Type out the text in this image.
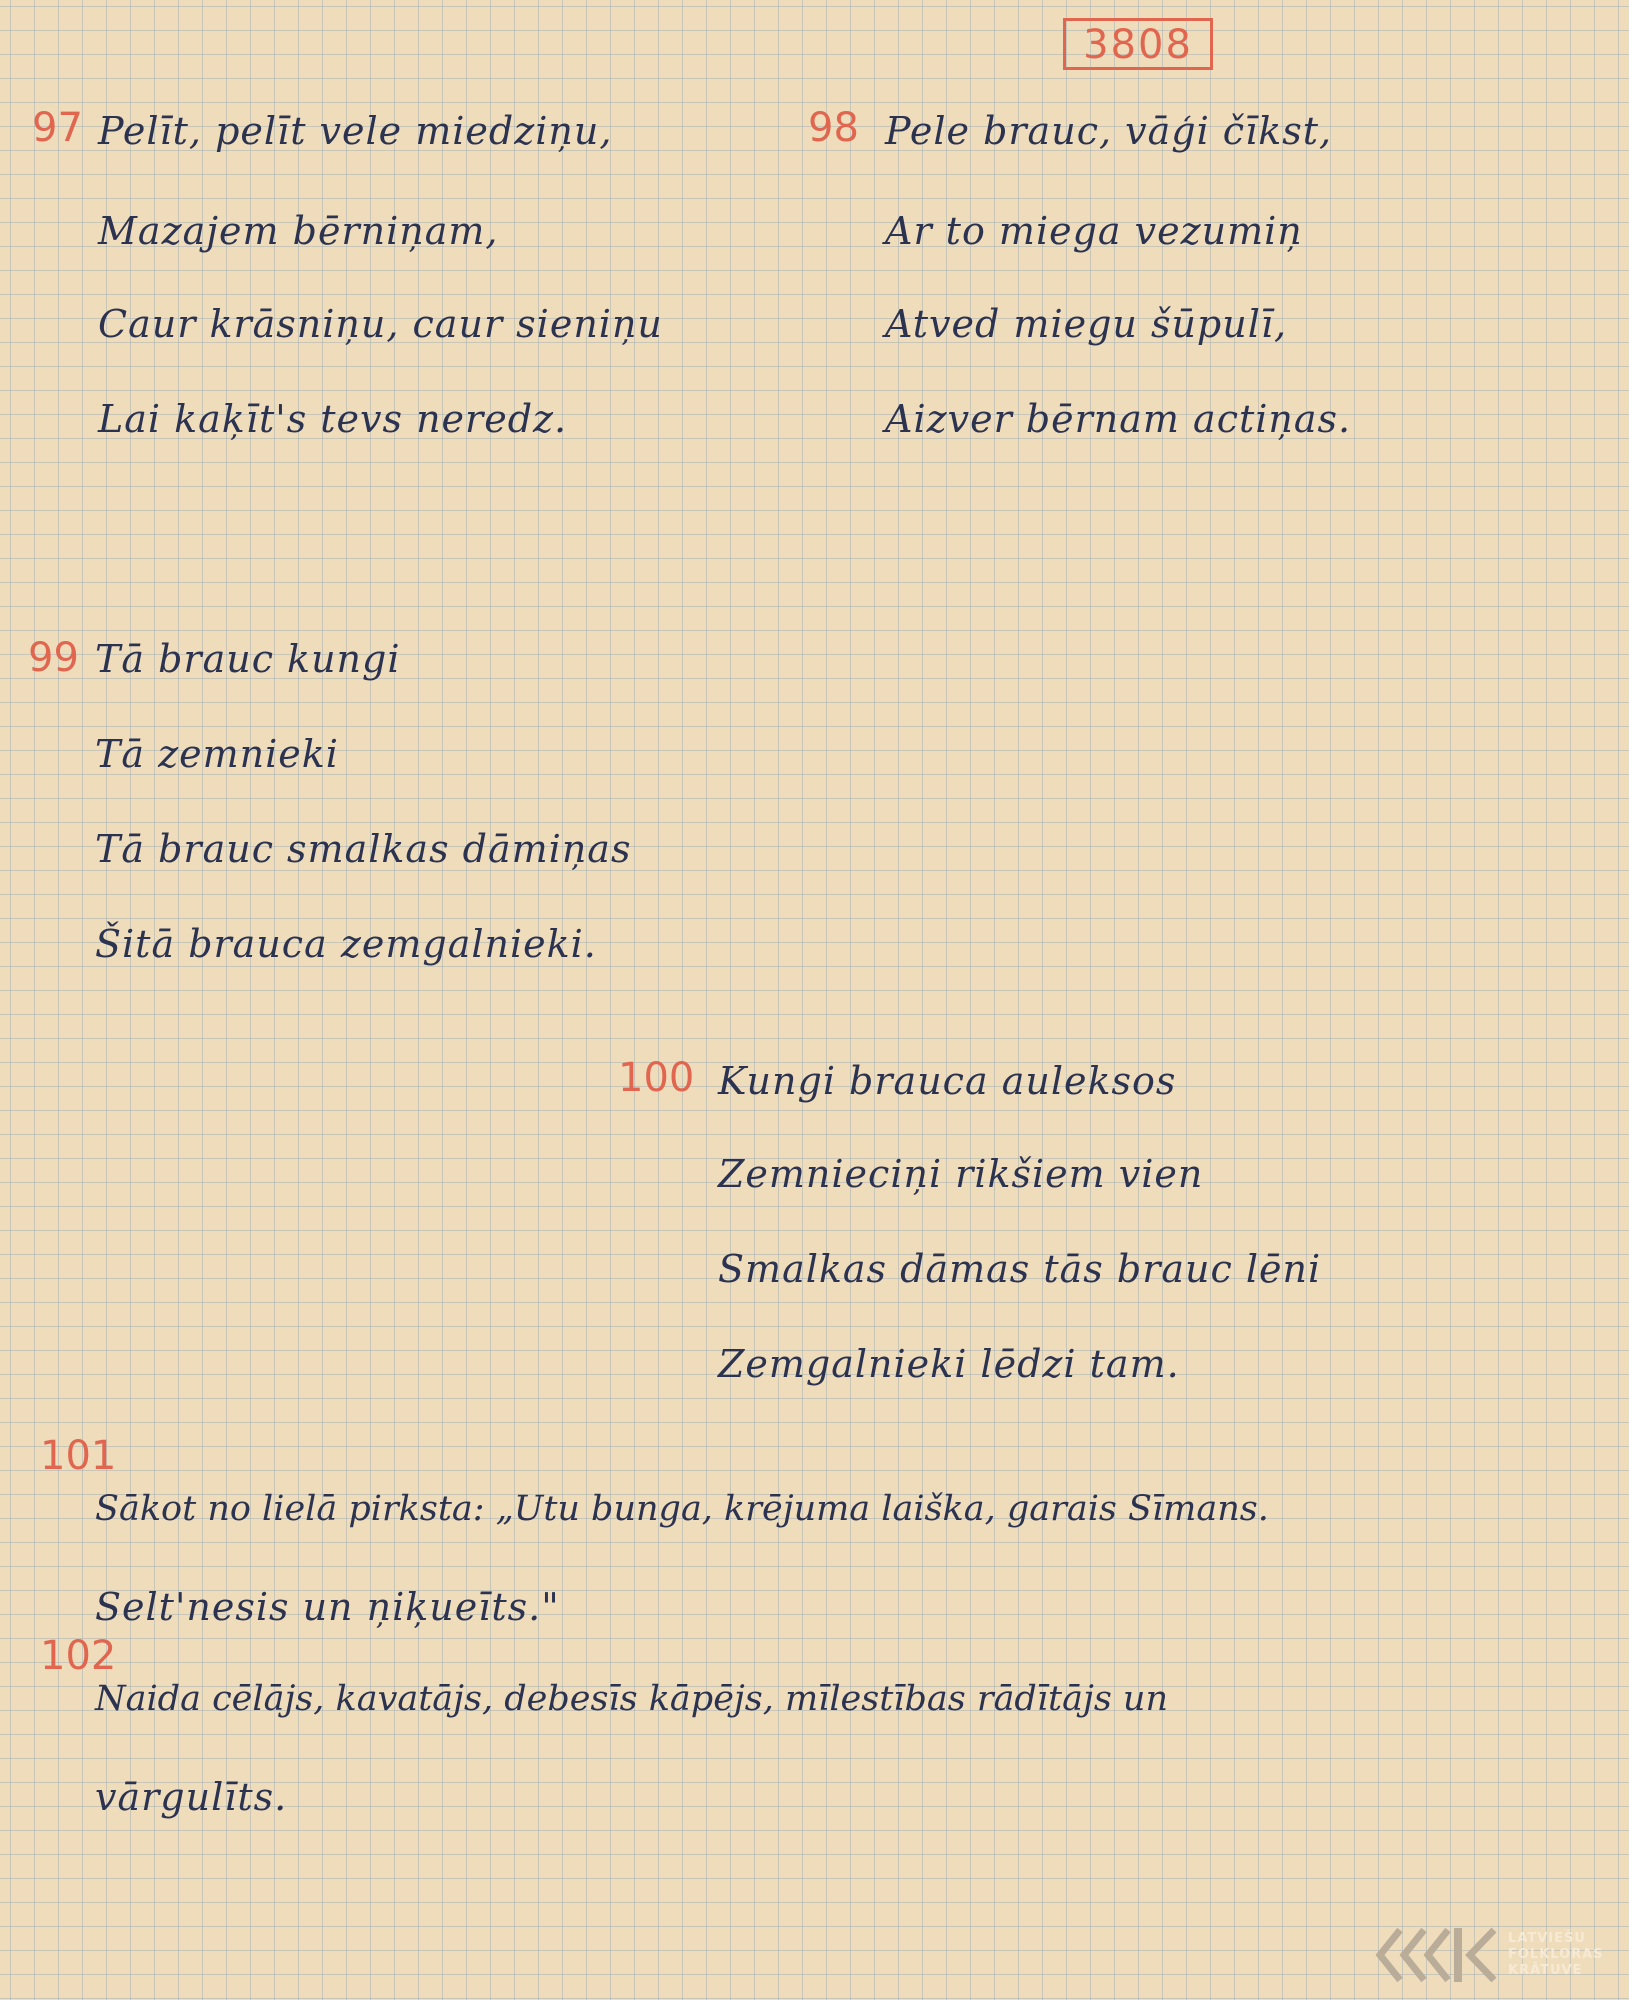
3808
97 Pelīt, pelīt vele miedziņu,
Mazajem bērniņam,
Caur krāsniņu, caur sieniņu
Lai kaķīt's tevs neredz.
98 Pele brauc, vāģi čīkst,
Ar to miega vezumiņ
Atved miegu šūpulī,
Aizver bērnam actiņas.
99 Tā brauc kungi
Tā zemnieki
Tā brauc smalkas dāmiņas
Šitā brauca zemgalnieki.
100 Kungi brauca auleksos
Zemnieciņi rikšiem vien
Smalkas dāmas tās brauc lēni
Zemgalnieki lēdzi tam.
101
Sākot no lielā pirksta: „Utu bunga, krējuma laiška, garais Sīmans.
Selt'nesis un ņiķueīts."
102
Naida cēlājs, kavatājs, debesīs kāpējs, mīlestības rādītājs un
vārgulīts.
LATVIEŠU
FOLKLORAS
KRĀTUVE
